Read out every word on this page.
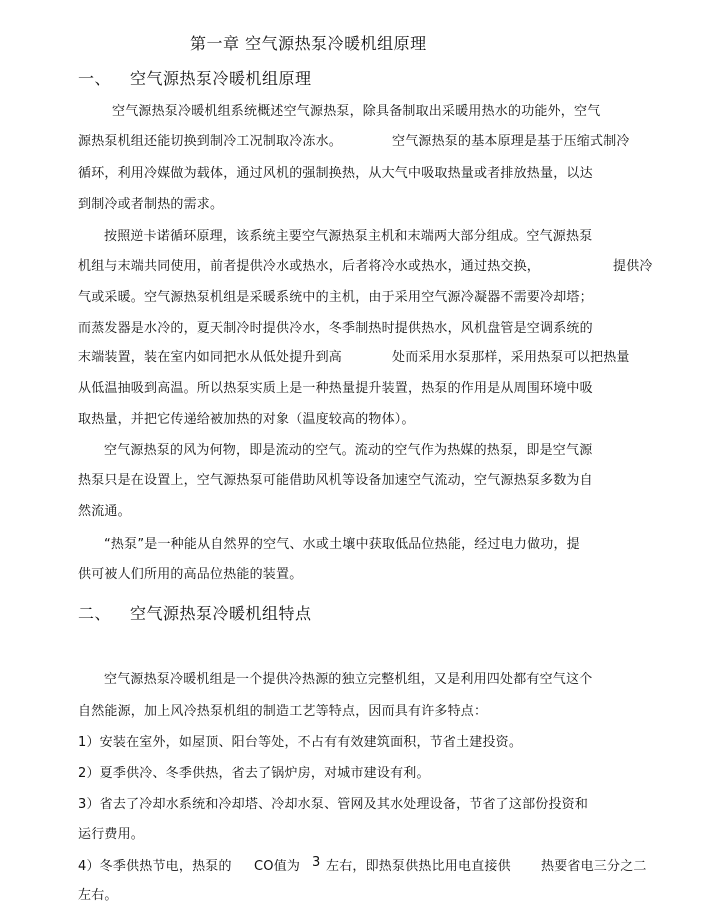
第一章 空气源热泵冷暖机组原理
一、 空气源热泵冷暖机组原理
空气源热泵冷暖机组系统概述空气源热泵，除具备制取出采暖用热水的功能外，空气
源热泵机组还能切换到制冷工况制取冷冻水。	空气源热泵的基本原理是基于压缩式制冷
循环，利用冷媒做为载体，通过风机的强制换热，从大气中吸取热量或者排放热量，以达
到制冷或者制热的需求。
按照逆卡诺循环原理，该系统主要空气源热泵主机和末端两大部分组成。空气源热泵
机组与末端共同使用，前者提供冷水或热水，后者将冷水或热水，通过热交换，	提供冷
气或采暖。空气源热泵机组是采暖系统中的主机，由于采用空气源冷凝器不需要冷却塔；
而蒸发器是水冷的，夏天制冷时提供冷水，冬季制热时提供热水，风机盘管是空调系统的
末端装置，装在室内如同把水从低处提升到高	处而采用水泵那样，采用热泵可以把热量
从低温抽吸到高温。所以热泵实质上是一种热量提升装置，热泵的作用是从周围环境中吸
取热量，并把它传递给被加热的对象（温度较高的物体）。
空气源热泵的风为何物，即是流动的空气。流动的空气作为热媒的热泵，即是空气源
热泵只是在设置上，空气源热泵可能借助风机等设备加速空气流动，空气源热泵多数为自
然流通。
“热泵”是一种能从自然界的空气、水或土壤中获取低品位热能，经过电力做功，提
供可被人们所用的高品位热能的装置。
二、 空气源热泵冷暖机组特点
空气源热泵冷暖机组是一个提供冷热源的独立完整机组，又是利用四处都有空气这个
自然能源，加上风冷热泵机组的制造工艺等特点，因而具有许多特点：
1）安装在室外，如屋顶、阳台等处，不占有有效建筑面积，节省土建投资。
2）夏季供冷、冬季供热，省去了锅炉房，对城市建设有利。
3）省去了冷却水系统和冷却塔、冷却水泵、管网及其水处理设备，节省了这部份投资和
运行费用。
4）冬季供热节电，热泵的 CO值为 3 左右，即热泵供热比用电直接供 热要省电三分之二
左右。
